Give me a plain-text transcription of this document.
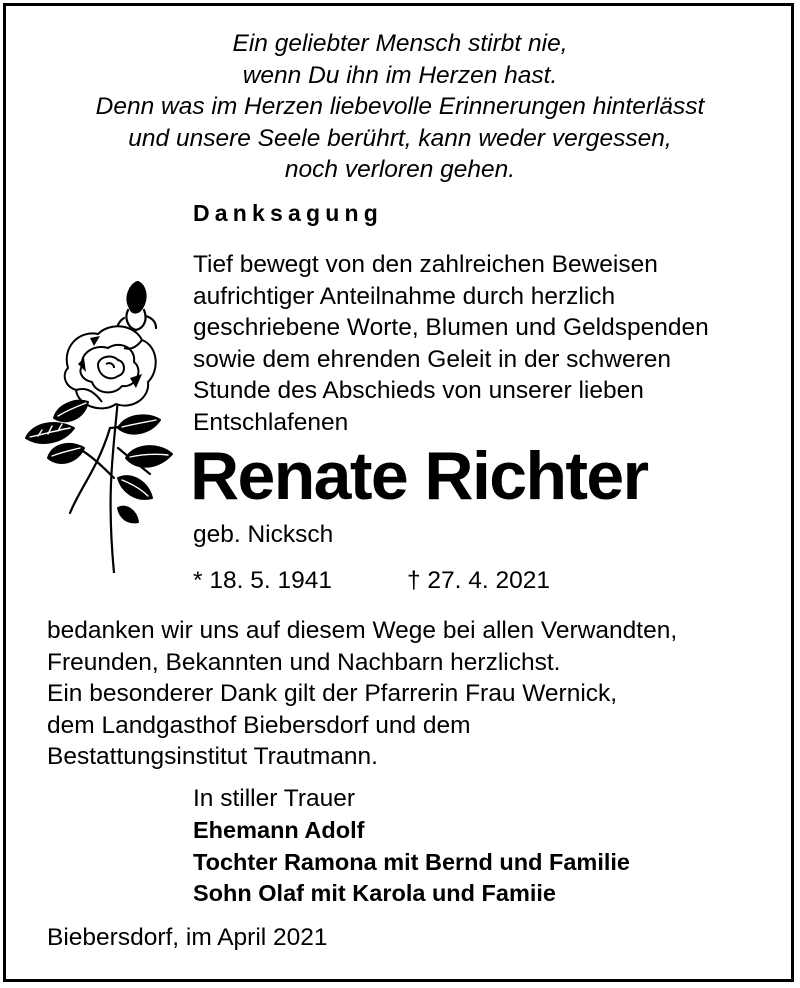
Ein geliebter Mensch stirbt nie,
wenn Du ihn im Herzen hast.
Denn was im Herzen liebevolle Erinnerungen hinterlässt
und unsere Seele berührt, kann weder vergessen,
noch verloren gehen.
Danksagung
Tief bewegt von den zahlreichen Beweisen
aufrichtiger Anteilnahme durch herzlich
geschriebene Worte, Blumen und Geldspenden
sowie dem ehrenden Geleit in der schweren
Stunde des Abschieds von unserer lieben
Entschlafenen
Renate Richter
geb. Nicksch
* 18. 5. 1941	† 27. 4. 2021
bedanken wir uns auf diesem Wege bei allen Verwandten,
Freunden, Bekannten und Nachbarn herzlichst.
Ein besonderer Dank gilt der Pfarrerin Frau Wernick,
dem Landgasthof Biebersdorf und dem
Bestattungsinstitut Trautmann.
In stiller Trauer
Ehemann Adolf
Tochter Ramona mit Bernd und Familie
Sohn Olaf mit Karola und Famiie
Biebersdorf, im April 2021
